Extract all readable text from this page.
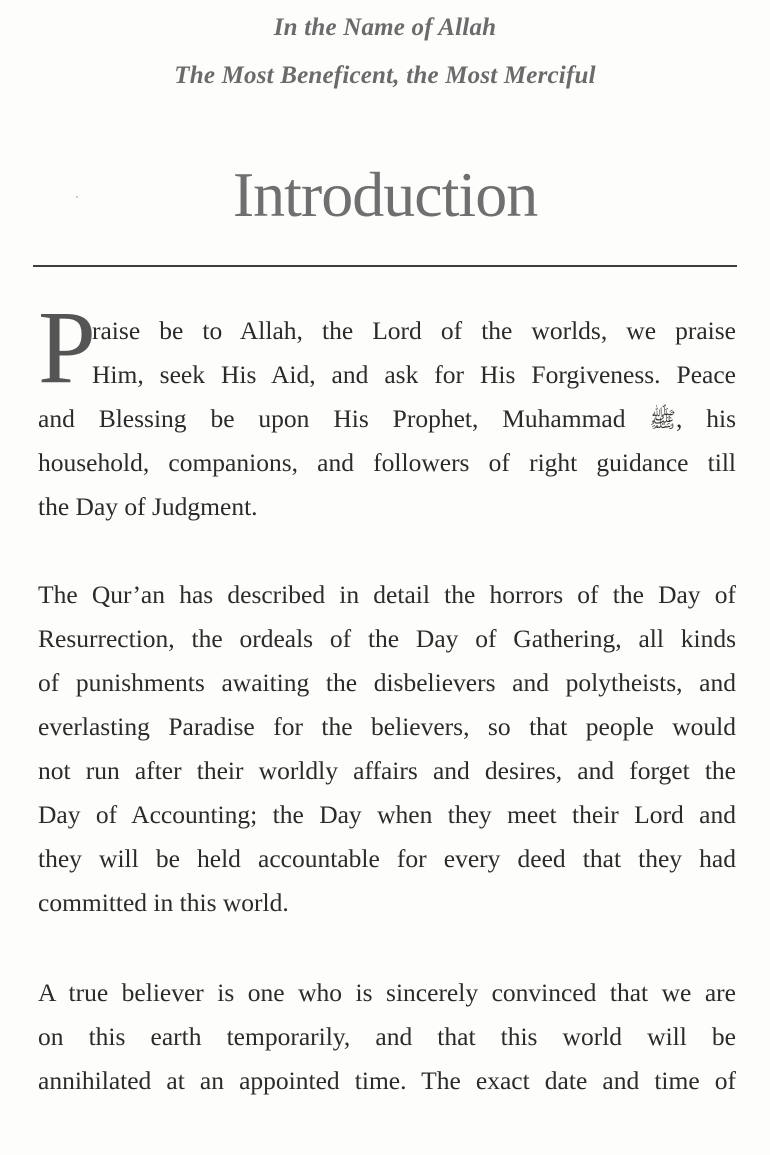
In the Name of Allah
The Most Beneficent, the Most Merciful
Introduction
P
raise be to Allah, the Lord of the worlds, we praise
Him, seek His Aid, and ask for His Forgiveness. Peace
and Blessing be upon His Prophet, Muhammad ﷺ, his
household, companions, and followers of right guidance till
the Day of Judgment.
The Qur’an has described in detail the horrors of the Day of
Resurrection, the ordeals of the Day of Gathering, all kinds
of punishments awaiting the disbelievers and polytheists, and
everlasting Paradise for the believers, so that people would
not run after their worldly affairs and desires, and forget the
Day of Accounting; the Day when they meet their Lord and
they will be held accountable for every deed that they had
committed in this world.
A true believer is one who is sincerely convinced that we are
on this earth temporarily, and that this world will be
annihilated at an appointed time. The exact date and time of
